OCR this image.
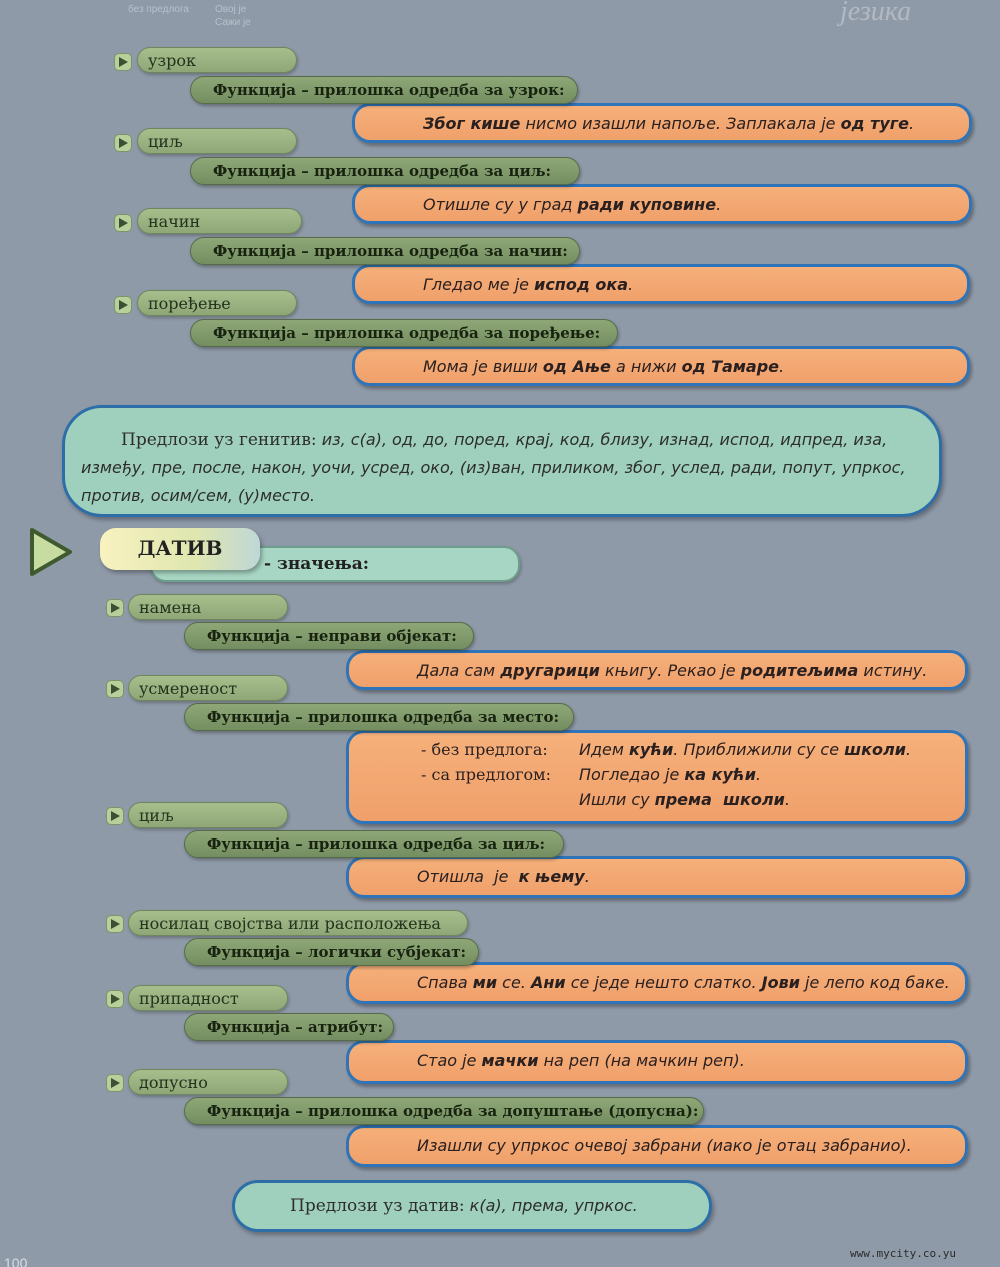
без предлога	Овој је
Сажи је	језика
Због кише нисмо изашли напоље. Заплакала је од туге.
узрок
Функција – прилошка одредба за узрок:
Отишле су у град ради куповине.
циљ
Функција – прилошка одредба за циљ:
Гледао ме је испод ока.
начин
Функција – прилошка одредба за начин:
Мома је виши од Ање а нижи од Тамаре.
поређење
Функција – прилошка одредба за поређење:
Предлози уз генитив: из, с(а), од, до, поред, крај, код, близу, изнад, испод, идпред, иза,
између, пре, после, након, уочи, усред, око, (из)ван, приликом, због, услед, ради, попут, упркос,
против, осим/сем, (у)место.
- значења:
ДАТИВ
Дала сам другарици књигу. Рекао је родитељима истину.
намена
Функција – неправи објекат:
- без предлога: Идем кући. Приближили су се школи.
- са предлогом: Погледао је ка кући.
Ишли су према  школи.
усмереност
Функција – прилошка одредба за место:
Отишла  је  к њему.
циљ
Функција – прилошка одредба за циљ:
Спава ми се. Ани се једе нешто слатко. Јови је лепо код баке.
носилац својства или расположења
Функција – логички субјекат:
Стао је мачки на реп (на мачкин реп).
припадност
Функција – атрибут:
Изашли су упркос очевој забрани (иако је отац забранио).
допусно
Функција – прилошка одредба за допуштање (допусна):
Предлози уз датив: к(а), према, упркос.
100
www.mycity.co.yu
